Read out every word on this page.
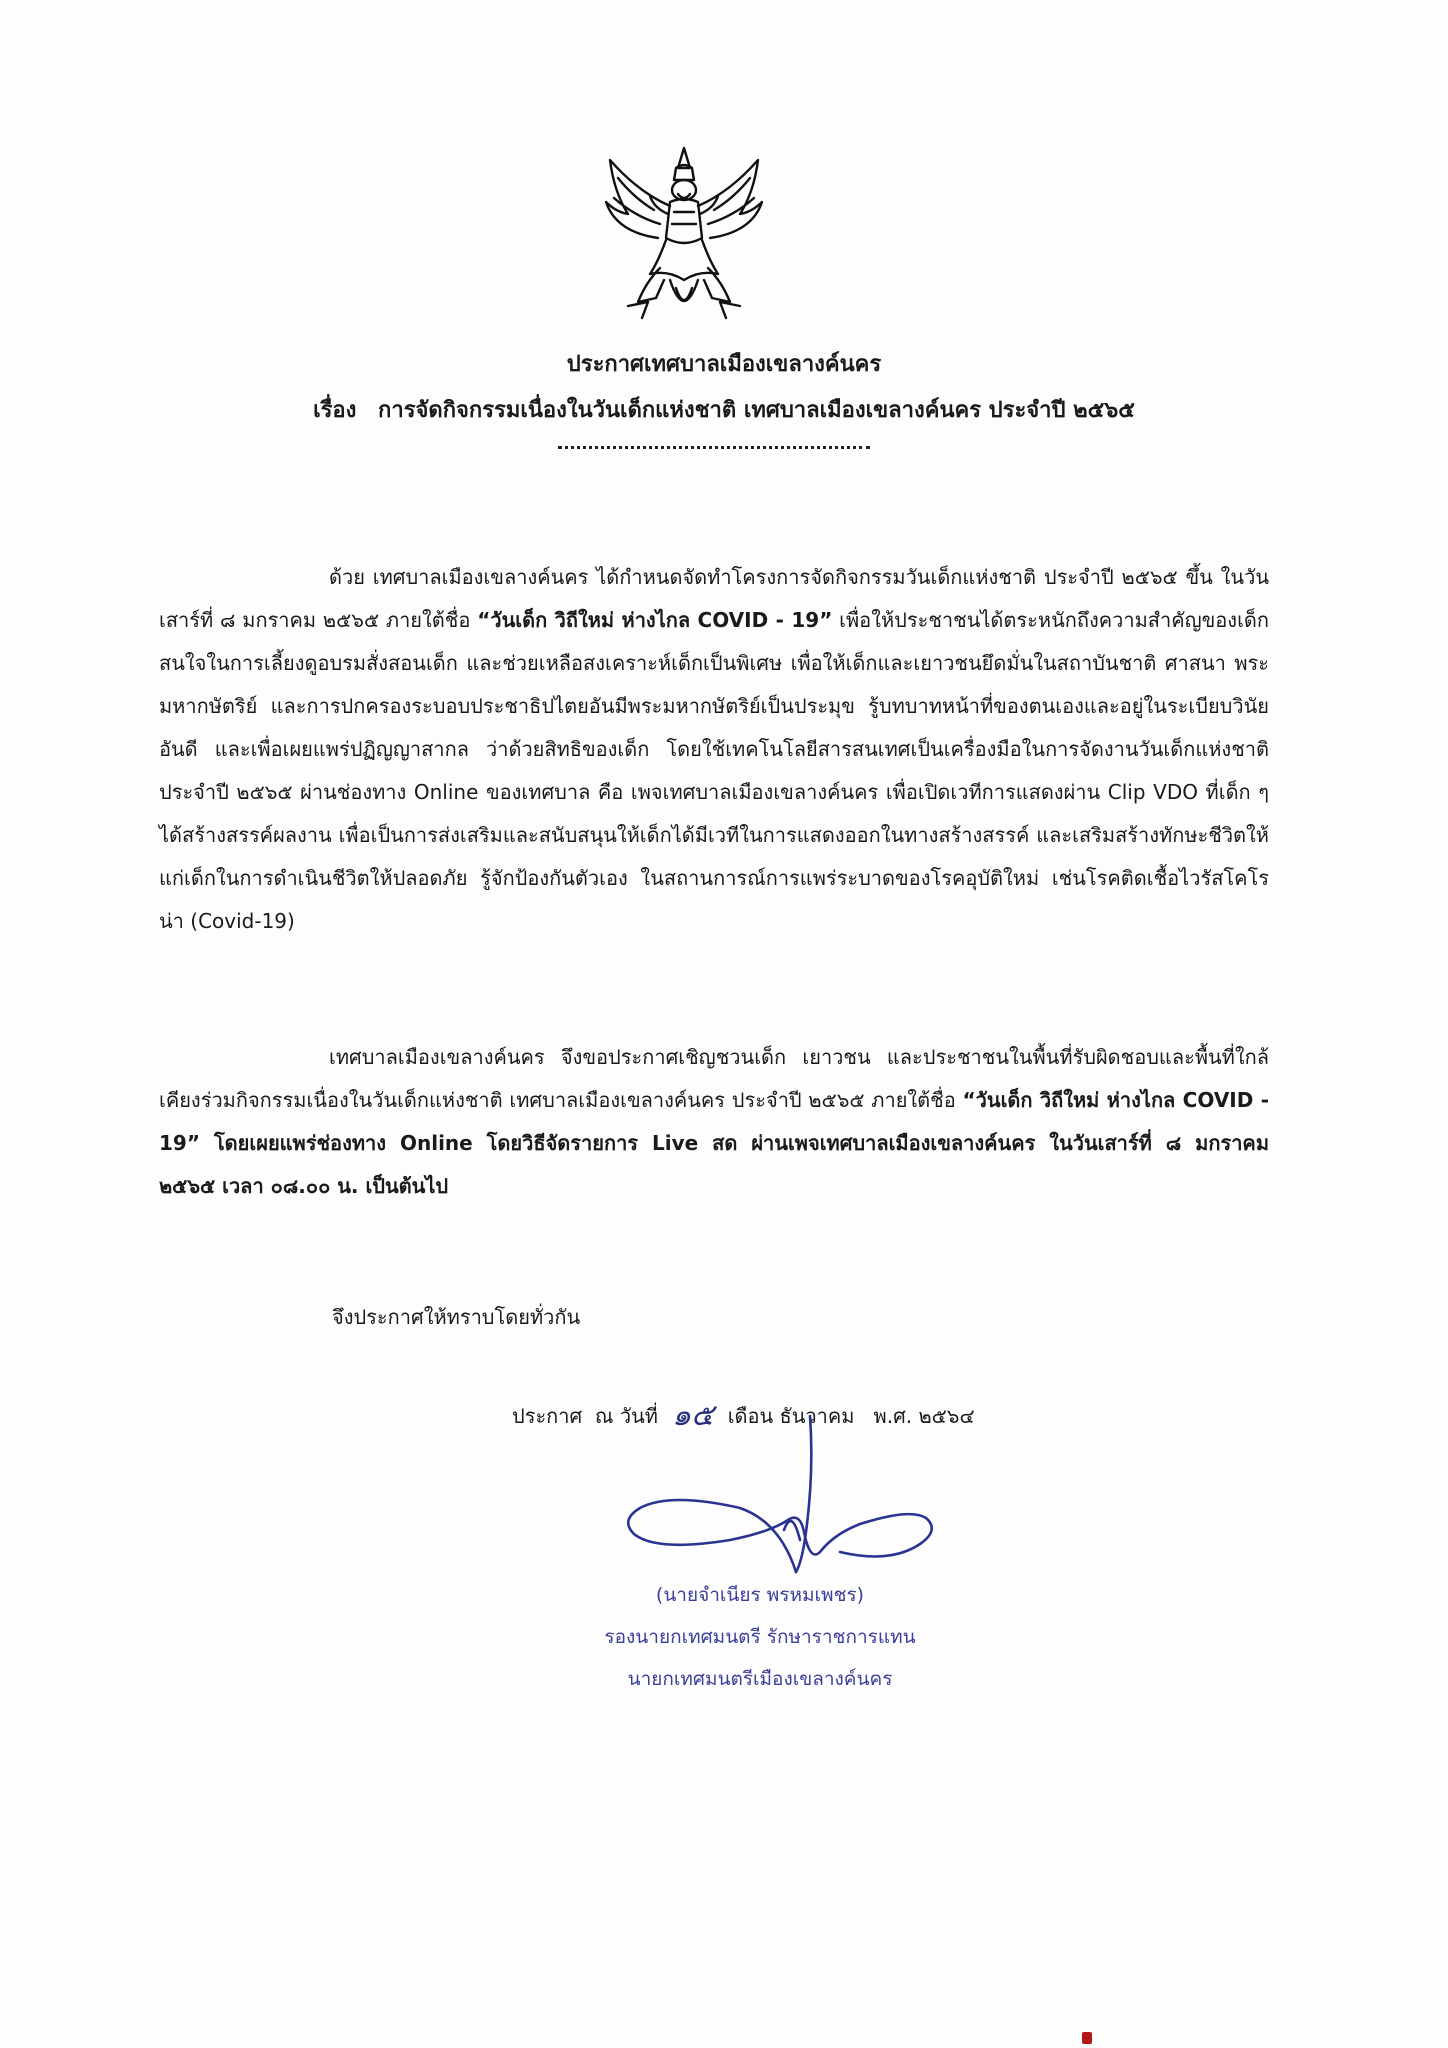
ประกาศเทศบาลเมืองเขลางค์นคร
เรื่อง การจัดกิจกรรมเนื่องในวันเด็กแห่งชาติ เทศบาลเมืองเขลางค์นคร ประจำปี ๒๕๖๕

ด้วย เทศบาลเมืองเขลางค์นคร ได้กำหนดจัดทำโครงการจัดกิจกรรมวันเด็กแห่งชาติ ประจำปี ๒๕๖๕ ขึ้น ในวันเสาร์ที่ ๘ มกราคม ๒๕๖๕ ภายใต้ชื่อ “วันเด็ก วิถีใหม่ ห่างไกล COVID - 19” เพื่อให้ประชาชนได้ตระหนักถึงความสำคัญของเด็ก สนใจในการเลี้ยงดูอบรมสั่งสอนเด็ก และช่วยเหลือสงเคราะห์เด็กเป็นพิเศษ เพื่อให้เด็กและเยาวชนยึดมั่นในสถาบันชาติ ศาสนา พระมหากษัตริย์ และการปกครองระบอบประชาธิปไตยอันมีพระมหากษัตริย์เป็นประมุข รู้บทบาทหน้าที่ของตนเองและอยู่ในระเบียบวินัยอันดี และเพื่อเผยแพร่ปฏิญญาสากล ว่าด้วยสิทธิของเด็ก โดยใช้เทคโนโลยีสารสนเทศเป็นเครื่องมือในการจัดงานวันเด็กแห่งชาติ ประจำปี ๒๕๖๕ ผ่านช่องทาง Online ของเทศบาล คือ เพจเทศบาลเมืองเขลางค์นคร เพื่อเปิดเวทีการแสดงผ่าน Clip VDO ที่เด็ก ๆ ได้สร้างสรรค์ผลงาน เพื่อเป็นการส่งเสริมและสนับสนุนให้เด็กได้มีเวทีในการแสดงออกในทางสร้างสรรค์ และเสริมสร้างทักษะชีวิตให้แก่เด็กในการดำเนินชีวิตให้ปลอดภัย รู้จักป้องกันตัวเอง ในสถานการณ์การแพร่ระบาดของโรคอุบัติใหม่ เช่นโรคติดเชื้อไวรัสโคโรน่า (Covid-19)

เทศบาลเมืองเขลางค์นคร จึงขอประกาศเชิญชวนเด็ก เยาวชน และประชาชนในพื้นที่รับผิดชอบและพื้นที่ใกล้เคียงร่วมกิจกรรมเนื่องในวันเด็กแห่งชาติ เทศบาลเมืองเขลางค์นคร ประจำปี ๒๕๖๕ ภายใต้ชื่อ “วันเด็ก วิถีใหม่ ห่างไกล COVID - 19” โดยเผยแพร่ช่องทาง Online โดยวิธีจัดรายการ Live สด ผ่านเพจเทศบาลเมืองเขลางค์นคร ในวันเสาร์ที่ ๘ มกราคม ๒๕๖๕ เวลา ๐๘.๐๐ น. เป็นต้นไป

จึงประกาศให้ทราบโดยทั่วกัน
ประกาศ  ณ วันที่ ๑๕ เดือน ธันวาคม   พ.ศ. ๒๕๖๔
(นายจำเนียร พรหมเพชร)
รองนายกเทศมนตรี รักษาราชการแทน
นายกเทศมนตรีเมืองเขลางค์นคร
